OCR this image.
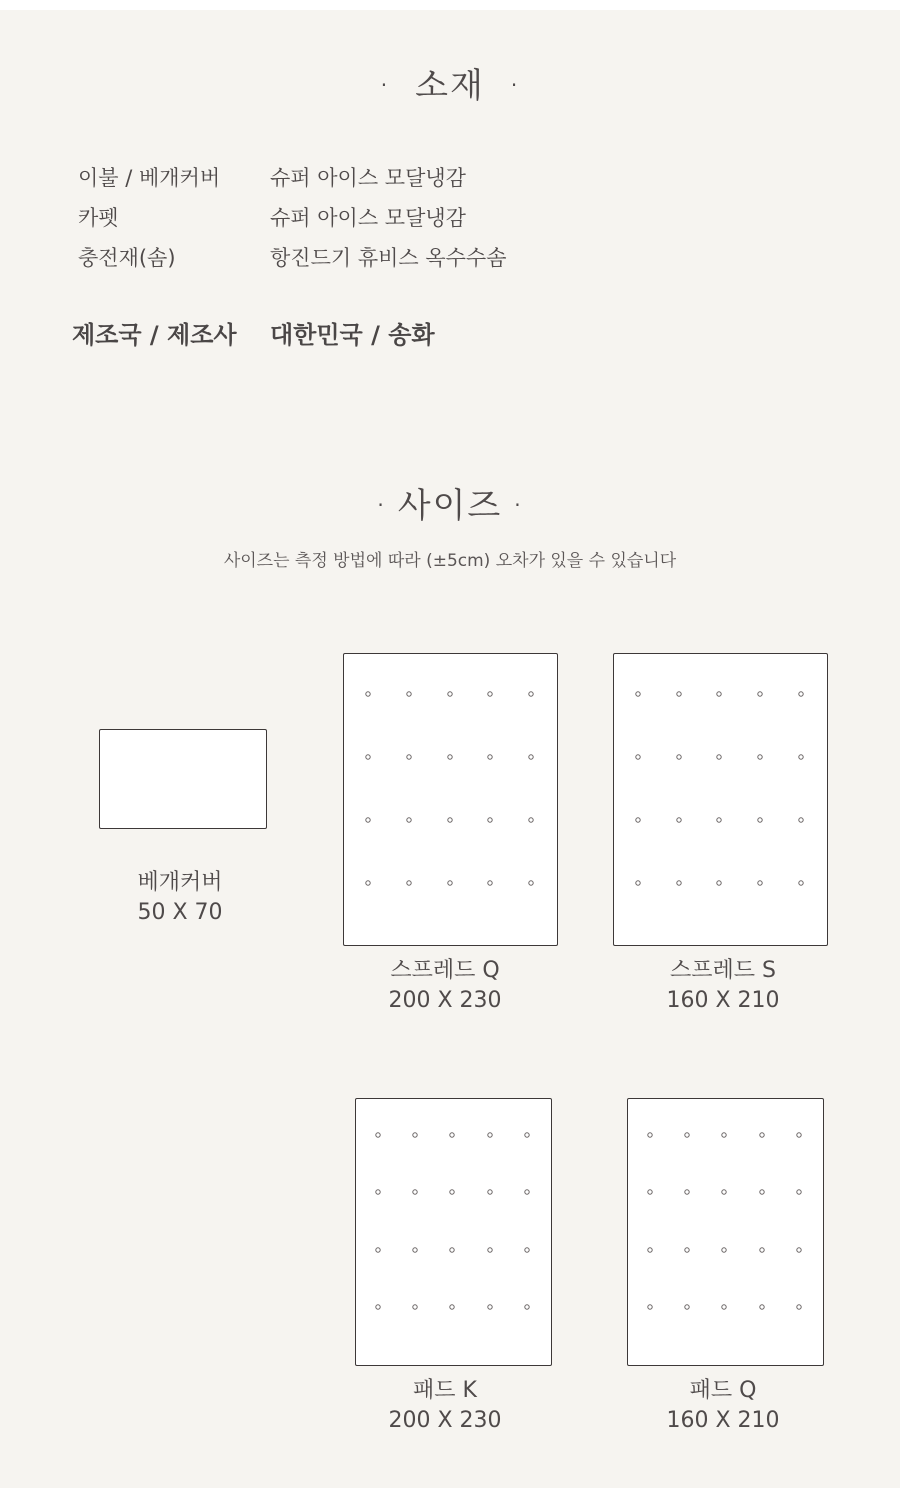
· 소재 ·
이불 / 베개커버 슈퍼 아이스 모달냉감
카펫	슈퍼 아이스 모달냉감
충전재(솜)	항진드기 휴비스 옥수수솜
제조국 / 제조사 대한민국 / 송화
· 사이즈 ·
사이즈는 측정 방법에 따라 (±5cm) 오차가 있을 수 있습니다
베개커버
50 X 70
스프레드 Q
200 X 230
스프레드 S
160 X 210
패드 K
200 X 230
패드 Q
160 X 210
